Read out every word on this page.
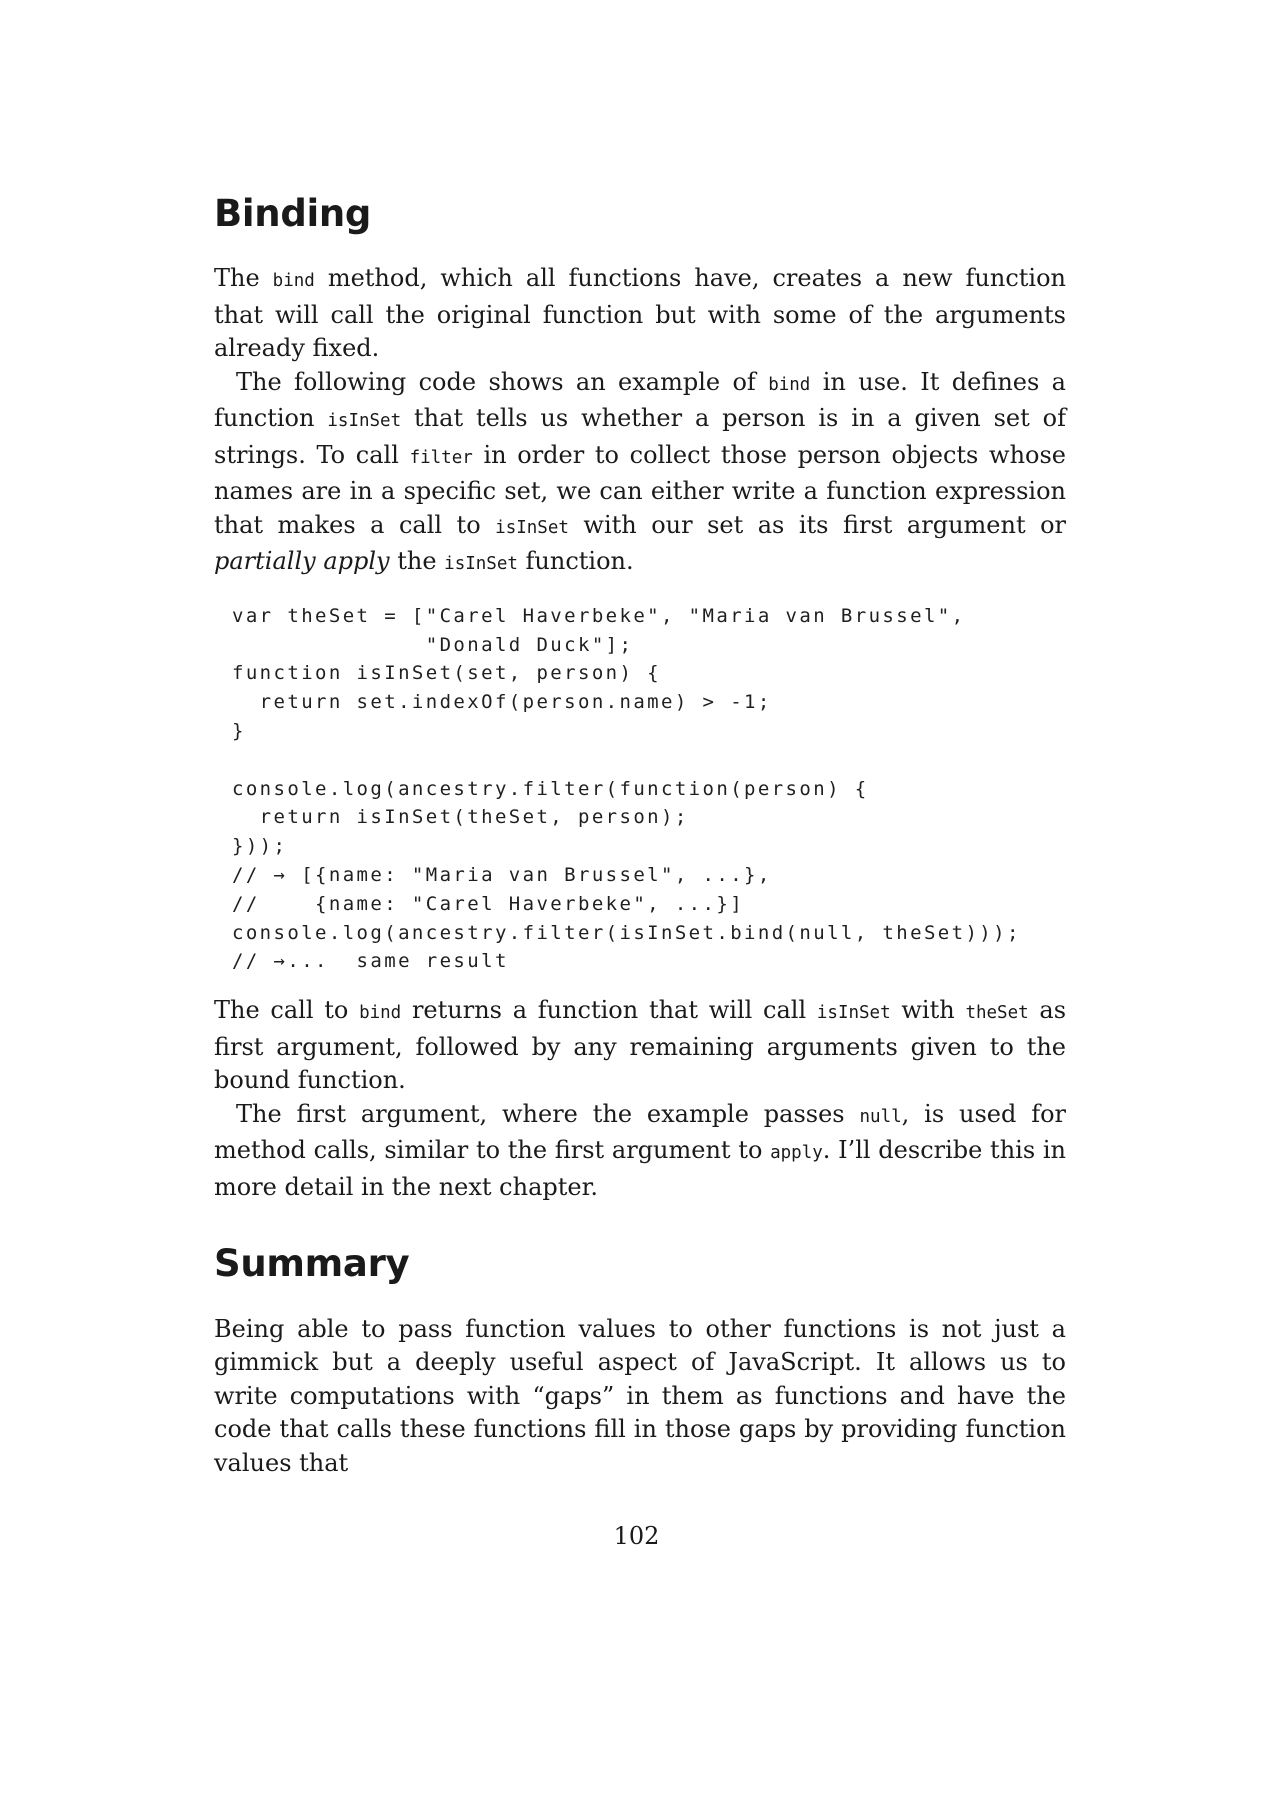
Binding

The bind method, which all functions have, creates a new function that will call the original function but with some of the arguments already fixed.

The following code shows an example of bind in use. It defines a function isInSet that tells us whether a person is in a given set of strings. To call filter in order to collect those person objects whose names are in a specific set, we can either write a function expression that makes a call to isInSet with our set as its first argument or partially apply the isInSet function.

var theSet = ["Carel Haverbeke", "Maria van Brussel",
"Donald Duck"];
function isInSet(set, person) {
return set.indexOf(person.name) > -1;
}

console.log(ancestry.filter(function(person) {
return isInSet(theSet, person);
}));
// → [{name: "Maria van Brussel", ...},
//    {name: "Carel Haverbeke", ...}]
console.log(ancestry.filter(isInSet.bind(null, theSet)));
// →...  same result

The call to bind returns a function that will call isInSet with theSet as first argument, followed by any remaining arguments given to the bound function.

The first argument, where the example passes null, is used for method calls, similar to the first argument to apply. I’ll describe this in more detail in the next chapter.

Summary

Being able to pass function values to other functions is not just a gimmick but a deeply useful aspect of JavaScript. It allows us to write computations with “gaps” in them as functions and have the code that calls these functions fill in those gaps by providing function values that

102
